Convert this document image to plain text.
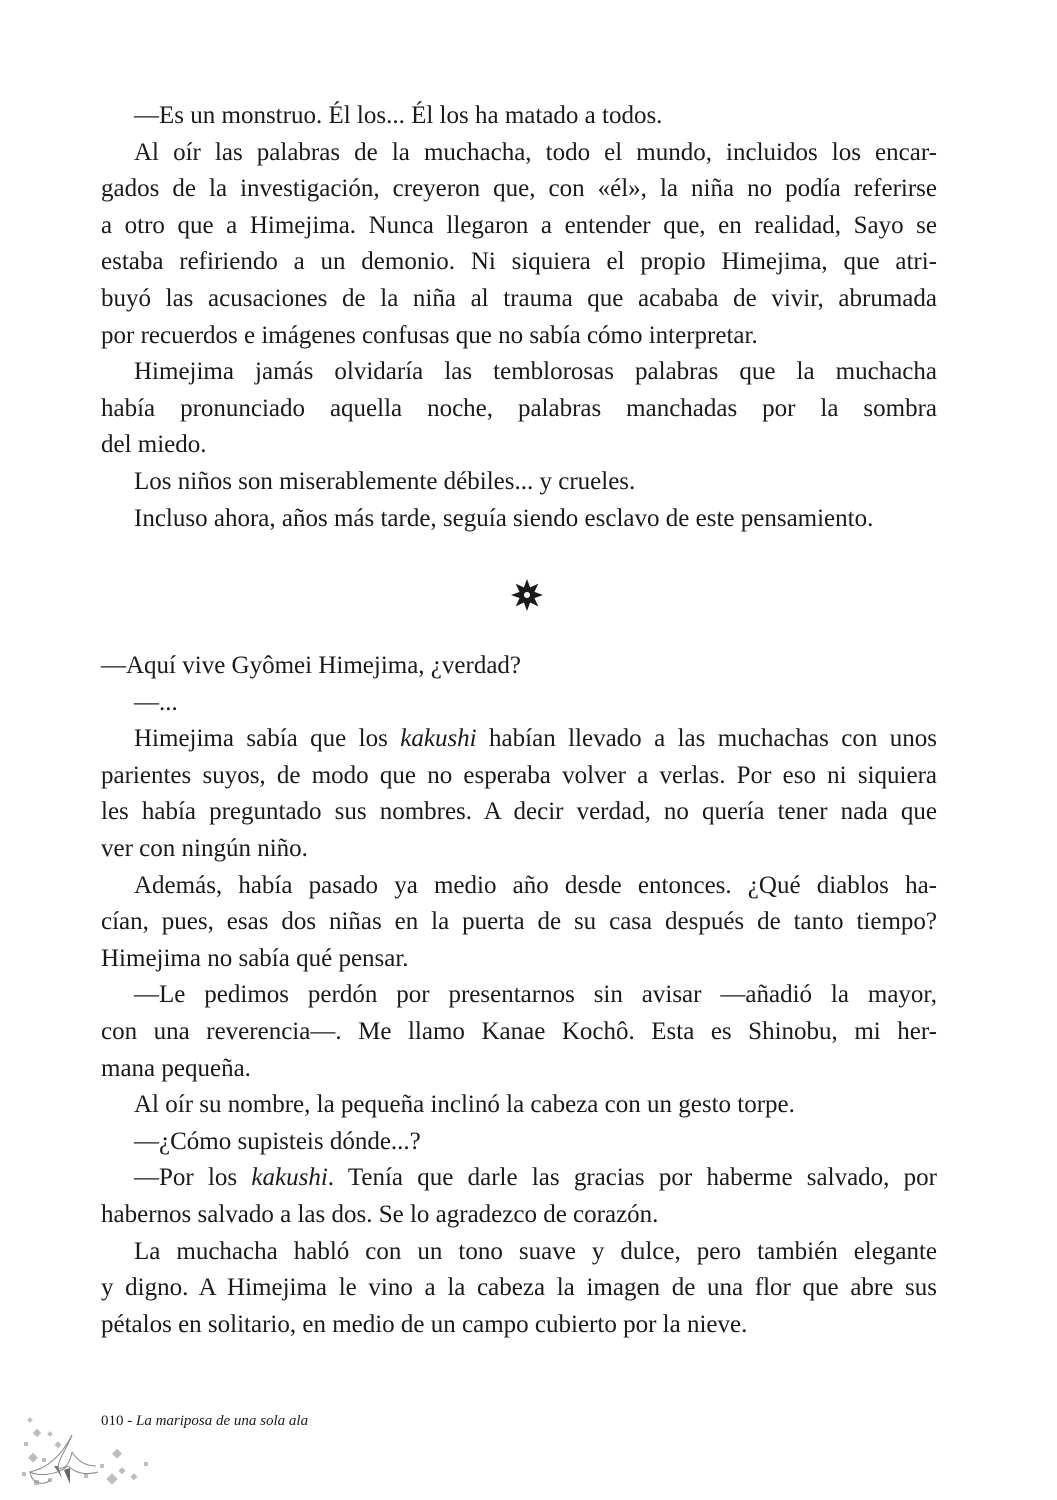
—Es un monstruo. Él los... Él los ha matado a todos.
Al oír las palabras de la muchacha, todo el mundo, incluidos los encar-
gados de la investigación, creyeron que, con «él», la niña no podía referirse
a otro que a Himejima. Nunca llegaron a entender que, en realidad, Sayo se
estaba refiriendo a un demonio. Ni siquiera el propio Himejima, que atri-
buyó las acusaciones de la niña al trauma que acababa de vivir, abrumada
por recuerdos e imágenes confusas que no sabía cómo interpretar.
Himejima jamás olvidaría las temblorosas palabras que la muchacha
había pronunciado aquella noche, palabras manchadas por la sombra
del miedo.
Los niños son miserablemente débiles... y crueles.
Incluso ahora, años más tarde, seguía siendo esclavo de este pensamiento.
—Aquí vive Gyômei Himejima, ¿verdad?
—...
Himejima sabía que los kakushi habían llevado a las muchachas con unos
parientes suyos, de modo que no esperaba volver a verlas. Por eso ni siquiera
les había preguntado sus nombres. A decir verdad, no quería tener nada que
ver con ningún niño.
Además, había pasado ya medio año desde entonces. ¿Qué diablos ha-
cían, pues, esas dos niñas en la puerta de su casa después de tanto tiempo?
Himejima no sabía qué pensar.
—Le pedimos perdón por presentarnos sin avisar —añadió la mayor,
con una reverencia—. Me llamo Kanae Kochô. Esta es Shinobu, mi her-
mana pequeña.
Al oír su nombre, la pequeña inclinó la cabeza con un gesto torpe.
—¿Cómo supisteis dónde...?
—Por los kakushi. Tenía que darle las gracias por haberme salvado, por
habernos salvado a las dos. Se lo agradezco de corazón.
La muchacha habló con un tono suave y dulce, pero también elegante
y digno. A Himejima le vino a la cabeza la imagen de una flor que abre sus
pétalos en solitario, en medio de un campo cubierto por la nieve.
010 - La mariposa de una sola ala
